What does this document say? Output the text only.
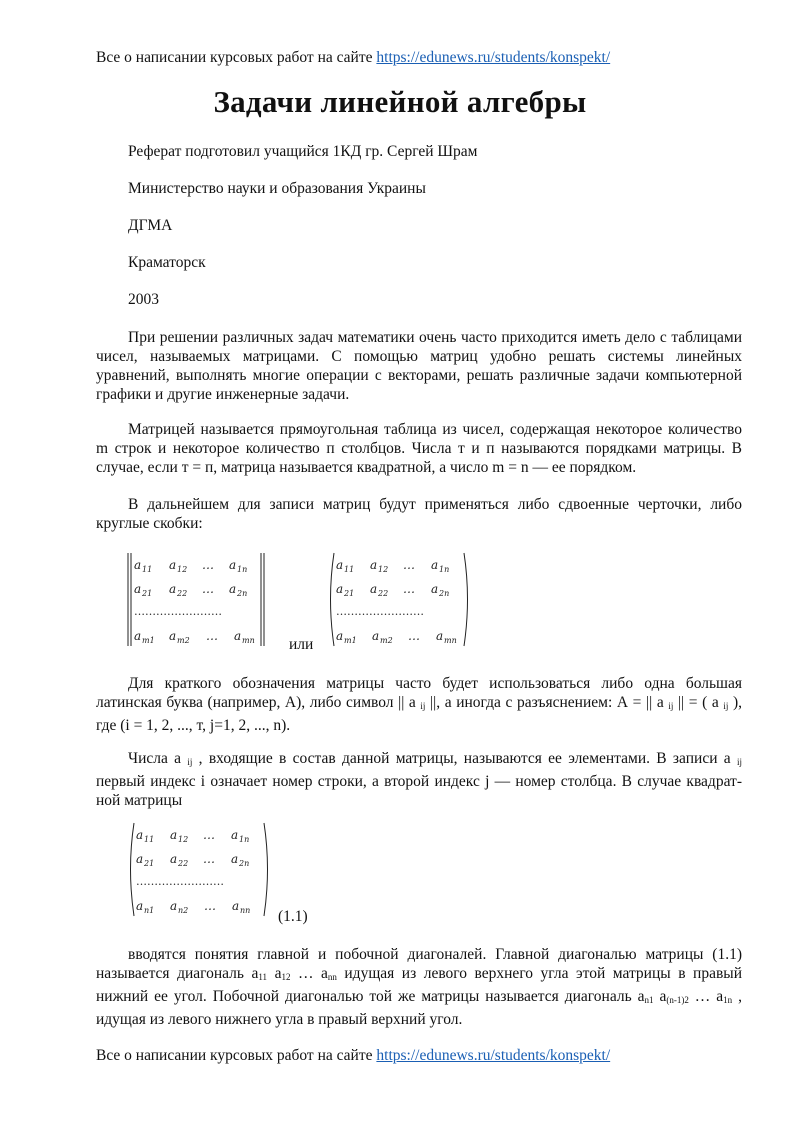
Все о написании курсовых работ на сайте https://edunews.ru/students/konspekt/
Задачи линейной алгебры
Реферат подготовил учащийся 1КД гр. Сергей Шрам
Министерство науки и образования Украины
ДГМА
Краматорск
2003
При решении различных задач математики очень часто приходится иметь дело с таблицами чисел, называемых матрицами. С помощью матриц удобно решать системы линейных уравнений, выполнять многие операции с векторами, решать различные задачи компьютерной графики и другие инженерные задачи.
Матрицей называется прямоугольная таблица из чисел, содержащая некоторое количество m строк и некоторое количество п столбцов. Числа т и п называются порядками матрицы. В случае, если т = п, матрица называется квадратной, а число m = n — ее порядком.
В дальнейшем для записи матриц будут применяться либо сдвоенные черточки, либо круглые скобки:
a 11 a 12 … a 1n
a 21 a 22 … a 2n
……………………
a m1 a m2 … a mn или
a 11 a 12 … a 1n
a 21 a 22 … a 2n
……………………
a m1 a m2 … a mn
Для краткого обозначения матрицы часто будет использоваться либо одна большая латинская буква (например, А), либо символ || a $_{ij}$ ||, а иногда с разъяснением: А = || a $_{ij}$ || = ( a $_{ij}$ ), где (i = 1, 2, ..., т, j=1, 2, ..., n).
Числа a $_{ij}$ , входящие в состав данной матрицы, называются ее элементами. В записи a $_{ij}$ первый индекс i означает номер строки, а второй индекс j — номер столбца. В случае квадрат-ной матрицы
a 11 a 12 … a 1n
a 21 a 22 … a 2n
……………………
a n1 a n2 … a nn (1.1)
вводятся понятия главной и побочной диагоналей. Главной диагональю матрицы (1.1) называется диагональ $a_{11}$ $a_{12}$ … $a_{nn}$ идущая из левого верхнего угла этой матрицы в правый нижний ее угол. Побочной диагональю той же матрицы называется диагональ $a_{n1}$ $a_{(n-1)2}$ … $a_{1n}$ , идущая из левого нижнего угла в правый верхний угол.
Все о написании курсовых работ на сайте https://edunews.ru/students/konspekt/
